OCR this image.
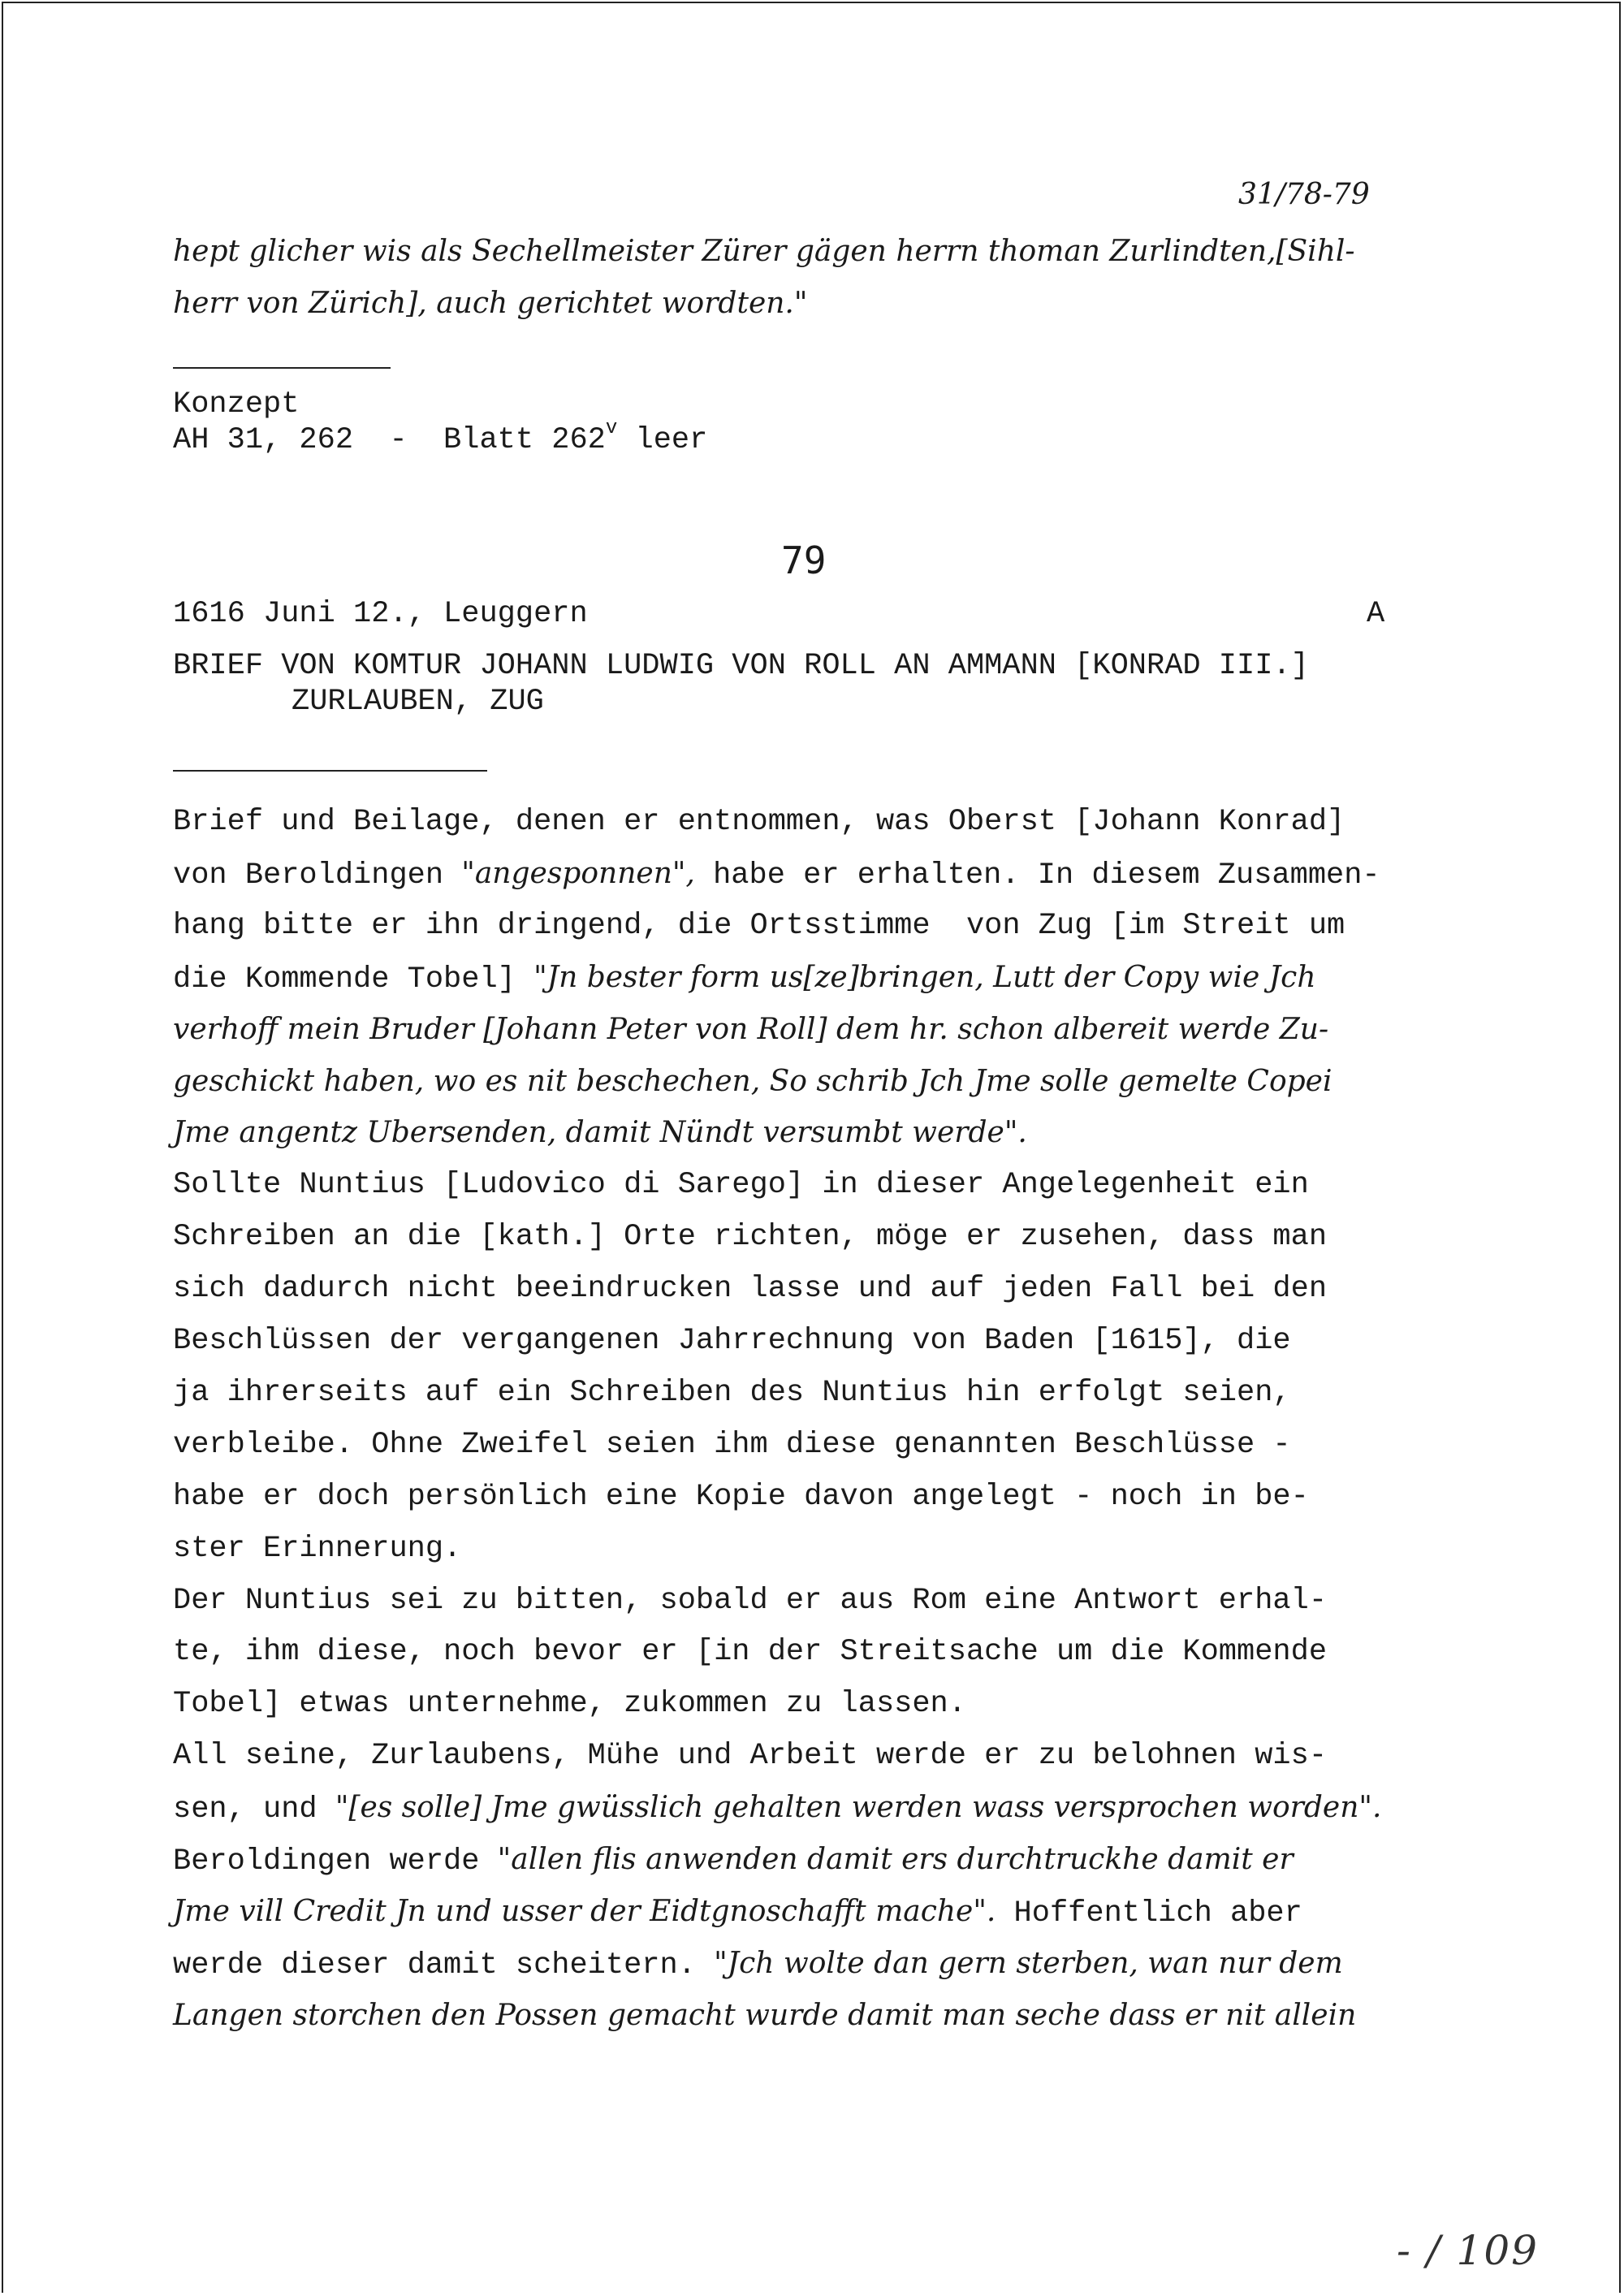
31/78-79
hept glicher wis als Sechellmeister Zürer gägen herrn thoman Zurlindten,[Sihl-
herr von Zürich], auch gerichtet wordten."
Konzept
AH 31, 262  -  Blatt 262$^v$ leer
79
1616 Juni 12., Leuggern	A
BRIEF VON KOMTUR JOHANN LUDWIG VON ROLL AN AMMANN [KONRAD III.]
ZURLAUBEN, ZUG
Brief und Beilage, denen er entnommen, was Oberst [Johann Konrad]
von Beroldingen "angesponnen", habe er erhalten. In diesem Zusammen-
hang bitte er ihn dringend, die Ortsstimme  von Zug [im Streit um
die Kommende Tobel] "Jn bester form us[ze]bringen, Lutt der Copy wie Jch
verhoff mein Bruder [Johann Peter von Roll] dem hr. schon albereit werde Zu-
geschickt haben, wo es nit beschechen, So schrib Jch Jme solle gemelte Copei
Jme angentz Ubersenden, damit Nündt versumbt werde".
Sollte Nuntius [Ludovico di Sarego] in dieser Angelegenheit ein
Schreiben an die [kath.] Orte richten, möge er zusehen, dass man
sich dadurch nicht beeindrucken lasse und auf jeden Fall bei den
Beschlüssen der vergangenen Jahrrechnung von Baden [1615], die
ja ihrerseits auf ein Schreiben des Nuntius hin erfolgt seien,
verbleibe. Ohne Zweifel seien ihm diese genannten Beschlüsse -
habe er doch persönlich eine Kopie davon angelegt - noch in be-
ster Erinnerung.
Der Nuntius sei zu bitten, sobald er aus Rom eine Antwort erhal-
te, ihm diese, noch bevor er [in der Streitsache um die Kommende
Tobel] etwas unternehme, zukommen zu lassen.
All seine, Zurlaubens, Mühe und Arbeit werde er zu belohnen wis-
sen, und "[es solle] Jme gwüsslich gehalten werden wass versprochen worden".
Beroldingen werde "allen flis anwenden damit ers durchtruckhe damit er
Jme vill Credit Jn und usser der Eidtgnoschafft mache". Hoffentlich aber
werde dieser damit scheitern. "Jch wolte dan gern sterben, wan nur dem
Langen storchen den Possen gemacht wurde damit man seche dass er nit allein
- ∕ 109
